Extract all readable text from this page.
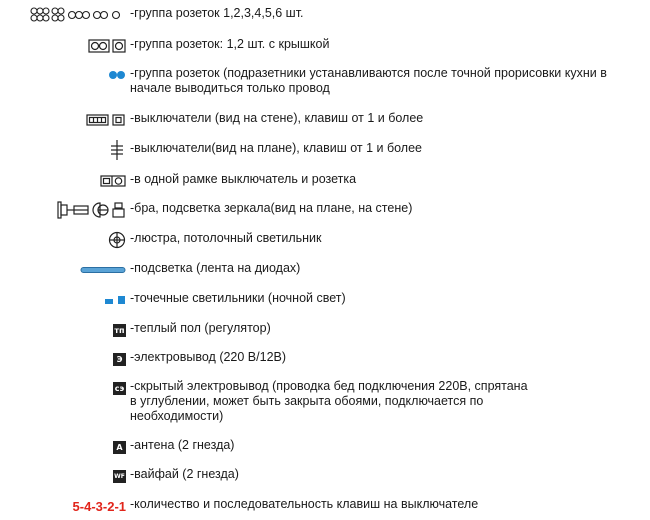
-группа розеток 1,2,3,4,5,6 шт.
-группа розеток: 1,2 шт. с крышкой
-группа розеток (подразетники устанавливаются после точной прорисовки кухни в начале выводиться только провод
-выключатели (вид на стене), клавиш от 1 и более
-выключатели(вид на плане), клавиш от 1 и более
-в одной рамке выключатель и розетка
-бра, подсветка зеркала(вид на плане, на стене)
-люстра, потолочный светильник
-подсветка (лента на диодах)
-точечные светильники (ночной свет)
тп -теплый пол (регулятор)
Э -электровывод (220 В/12В)
сэ -скрытый электровывод (проводка бед подключения 220В, спрятана в углублении, может быть закрыта обоями, подключается по необходимости)
А -антена (2 гнезда)
WF -вайфай (2 гнезда)
5-4-3-2-1 -количество и последовательность клавиш на выключателе
